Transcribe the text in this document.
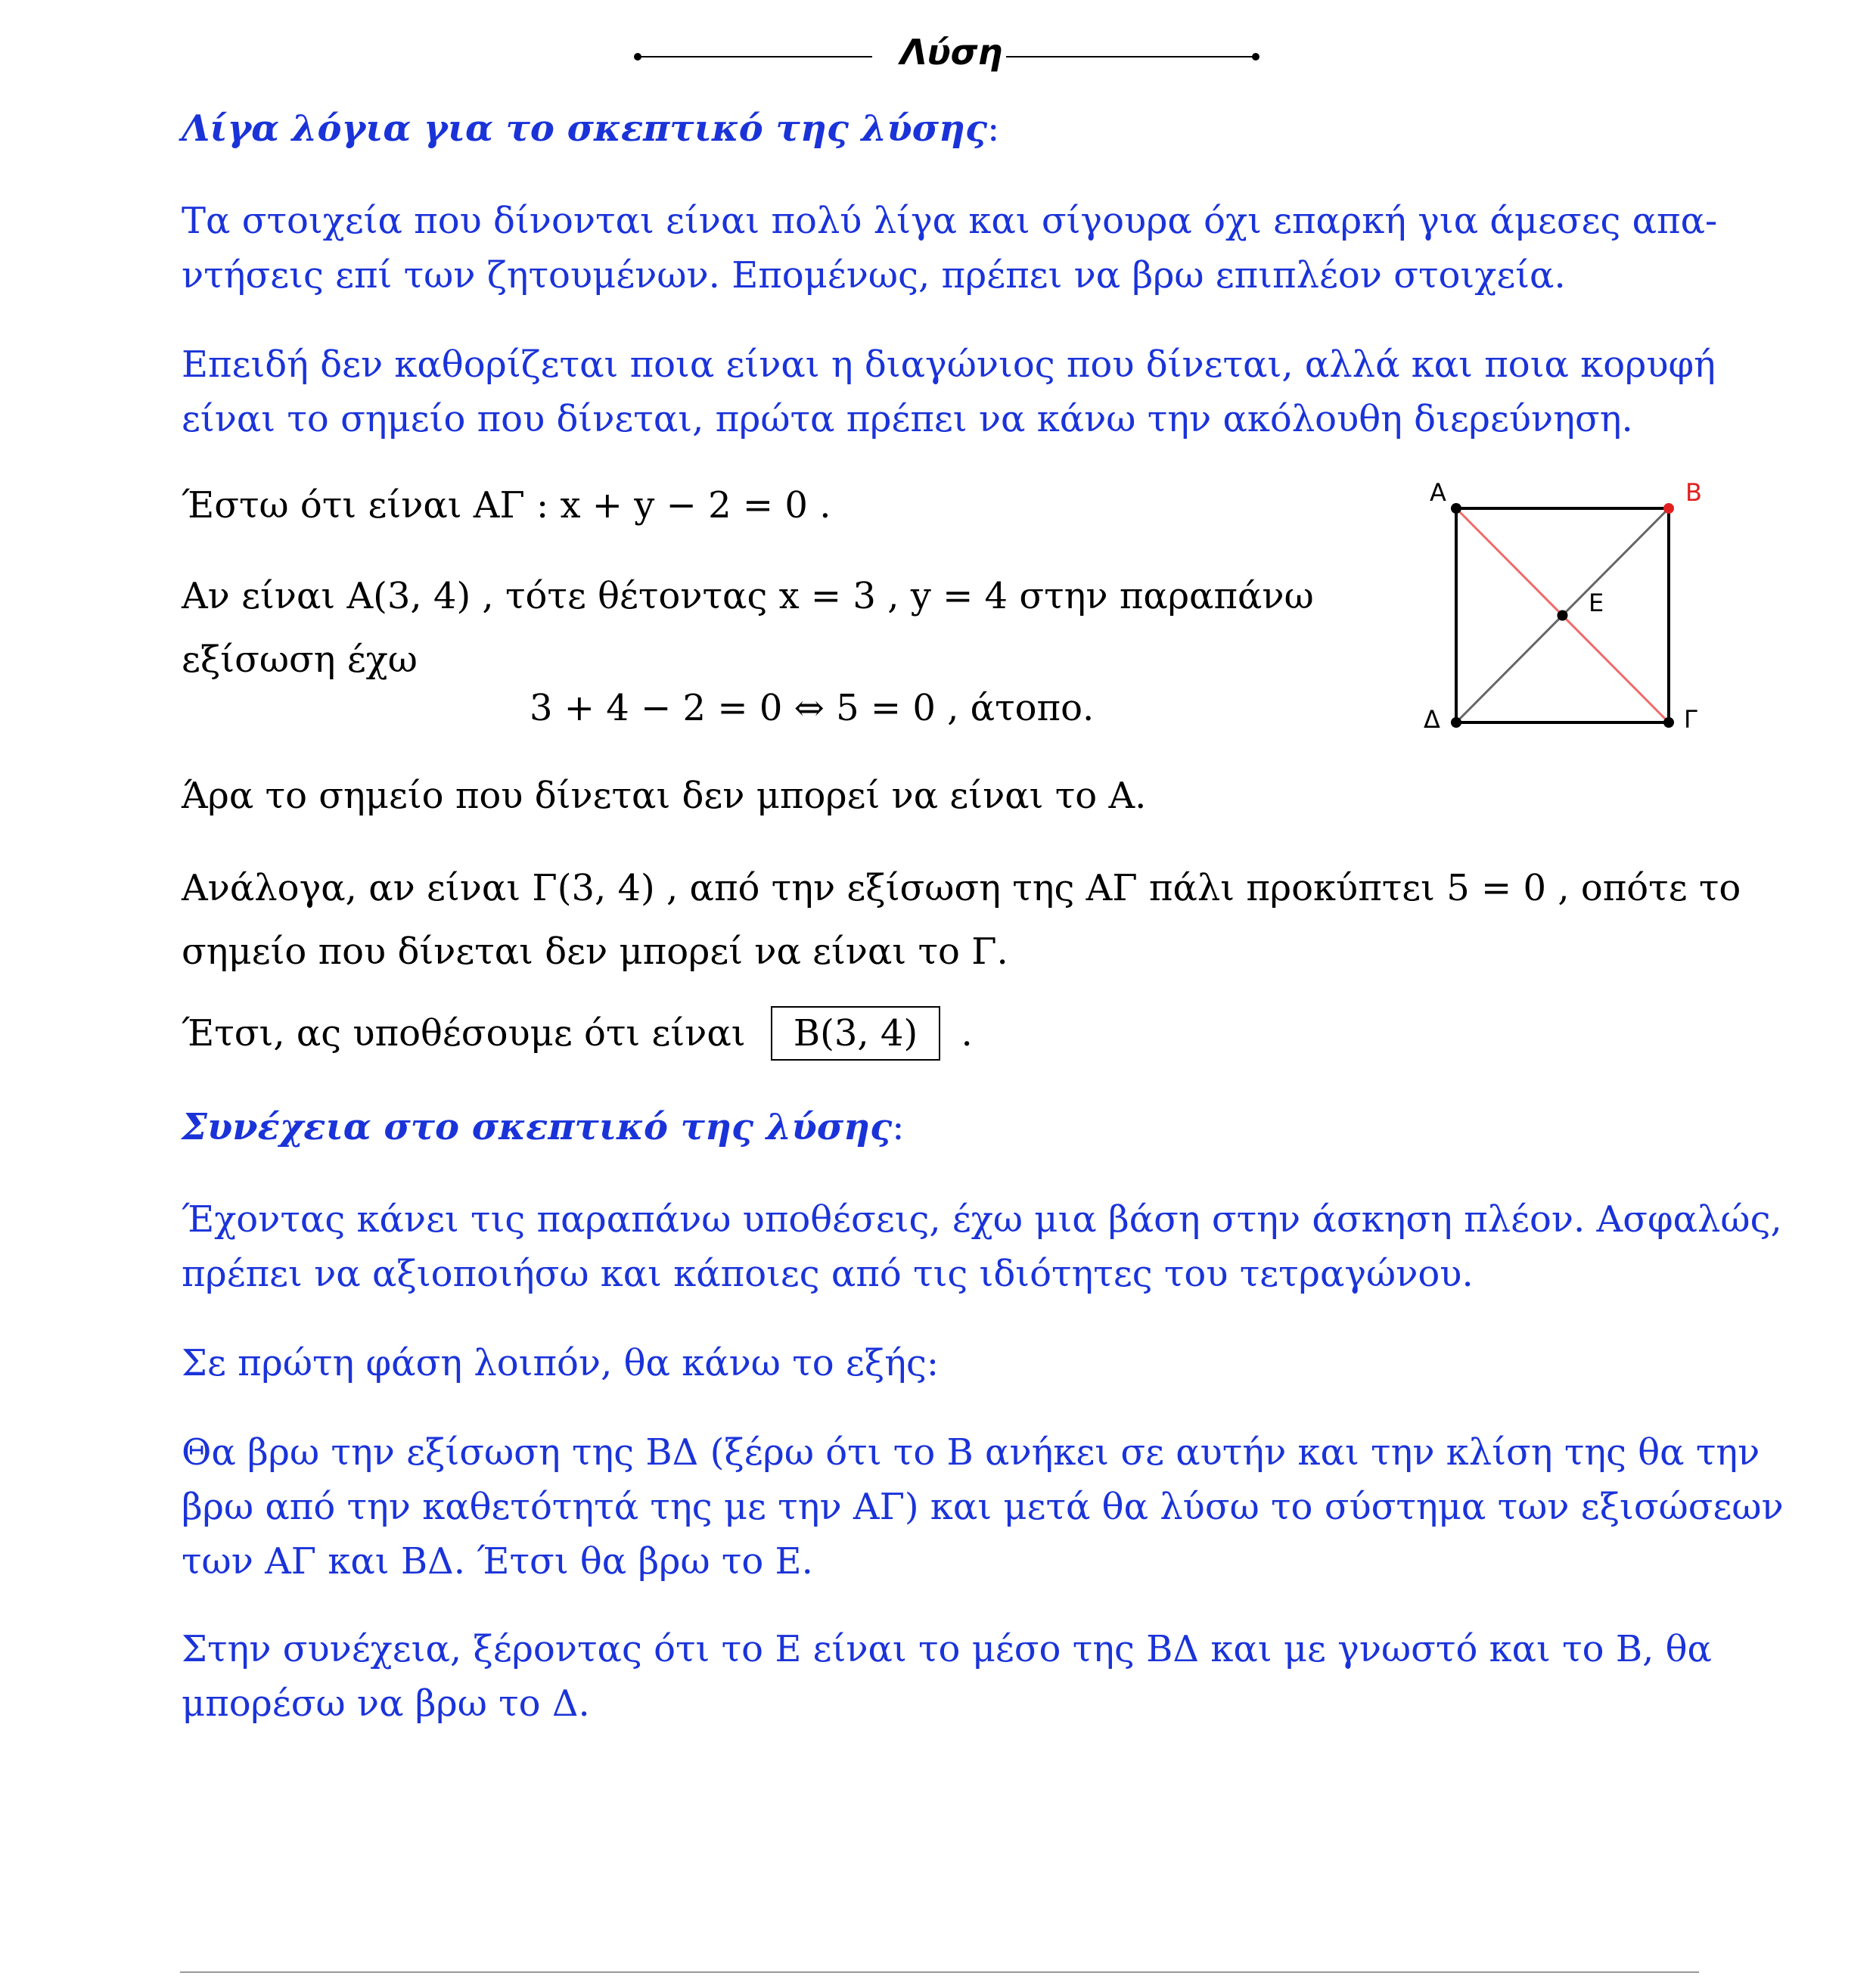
Λύση
Λίγα λόγια για το σκεπτικό της λύσης:
Τα στοιχεία που δίνονται είναι πολύ λίγα και σίγουρα όχι επαρκή για άμεσες απα-
ντήσεις επί των ζητουμένων. Επομένως, πρέπει να βρω επιπλέον στοιχεία.
Επειδή δεν καθορίζεται ποια είναι η διαγώνιος που δίνεται, αλλά και ποια κορυφή
είναι το σημείο που δίνεται, πρώτα πρέπει να κάνω την ακόλουθη διερεύνηση.
Έστω ότι είναι ΑΓ : x + y − 2 = 0 .
Αν είναι Α(3, 4) , τότε θέτοντας x = 3 , y = 4 στην παραπάνω
εξίσωση έχω
3 + 4 − 2 = 0 ⇔ 5 = 0 , άτοπο.
Άρα το σημείο που δίνεται δεν μπορεί να είναι το Α.
Ανάλογα, αν είναι Γ(3, 4) , από την εξίσωση της ΑΓ πάλι προκύπτει 5 = 0 , οπότε το
σημείο που δίνεται δεν μπορεί να είναι το Γ.
Έτσι, ας υποθέσουμε ότι είναι Β(3, 4) .
Α	Β
Ε
Δ	Γ
Συνέχεια στο σκεπτικό της λύσης:
Έχοντας κάνει τις παραπάνω υποθέσεις, έχω μια βάση στην άσκηση πλέον. Ασφαλώς,
πρέπει να αξιοποιήσω και κάποιες από τις ιδιότητες του τετραγώνου.
Σε πρώτη φάση λοιπόν, θα κάνω το εξής:
Θα βρω την εξίσωση της ΒΔ (ξέρω ότι το Β ανήκει σε αυτήν και την κλίση της θα την
βρω από την καθετότητά της με την ΑΓ) και μετά θα λύσω το σύστημα των εξισώσεων
των ΑΓ και ΒΔ. Έτσι θα βρω το Ε.
Στην συνέχεια, ξέροντας ότι το Ε είναι το μέσο της ΒΔ και με γνωστό και το Β, θα
μπορέσω να βρω το Δ.
